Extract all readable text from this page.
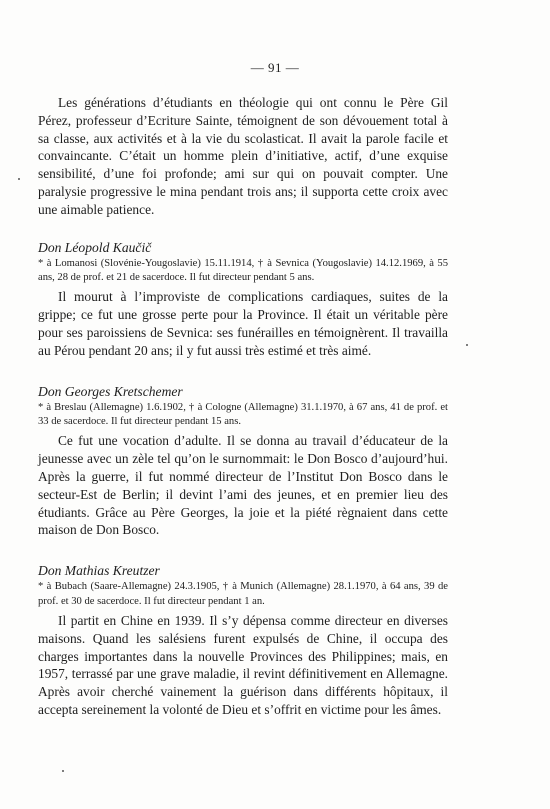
— 91 —

Les générations d’étudiants en théologie qui ont connu le Père Gil Pérez, professeur d’Ecriture Sainte, témoignent de son dévouement total à sa classe, aux activités et à la vie du scolasticat. Il avait la parole facile et convaincante. C’était un homme plein d’initiative, actif, d’une exquise sensibilité, d’une foi profonde; ami sur qui on pouvait compter. Une paralysie progressive le mina pendant trois ans; il supporta cette croix avec une aimable patience.

Don Léopold Kaučič

* à Lomanosi (Slovénie-Yougoslavie) 15.11.1914, † à Sevnica (Yougoslavie) 14.12.1969, à 55 ans, 28 de prof. et 21 de sacerdoce. Il fut directeur pendant 5 ans.

Il mourut à l’improviste de complications cardiaques, suites de la grippe; ce fut une grosse perte pour la Province. Il était un véritable père pour ses paroissiens de Sevnica: ses funérailles en témoignèrent. Il travailla au Pérou pendant 20 ans; il y fut aussi très estimé et très aimé.

Don Georges Kretschemer

* à Breslau (Allemagne) 1.6.1902, † à Cologne (Allemagne) 31.1.1970, à 67 ans, 41 de prof. et 33 de sacerdoce. Il fut directeur pendant 15 ans.

Ce fut une vocation d’adulte. Il se donna au travail d’éducateur de la jeunesse avec un zèle tel qu’on le surnommait: le Don Bosco d’aujourd’hui. Après la guerre, il fut nommé directeur de l’Institut Don Bosco dans le secteur-Est de Berlin; il devint l’ami des jeunes, et en premier lieu des étudiants. Grâce au Père Georges, la joie et la piété règnaient dans cette maison de Don Bosco.

Don Mathias Kreutzer

* à Bubach (Saare-Allemagne) 24.3.1905, † à Munich (Allemagne) 28.1.1970, à 64 ans, 39 de prof. et 30 de sacerdoce. Il fut directeur pendant 1 an.

Il partit en Chine en 1939. Il s’y dépensa comme directeur en diverses maisons. Quand les salésiens furent expulsés de Chine, il occupa des charges importantes dans la nouvelle Provinces des Philippines; mais, en 1957, terrassé par une grave maladie, il revint définitivement en Allemagne. Après avoir cherché vainement la guérison dans différents hôpitaux, il accepta sereinement la volonté de Dieu et s’offrit en victime pour les âmes.
